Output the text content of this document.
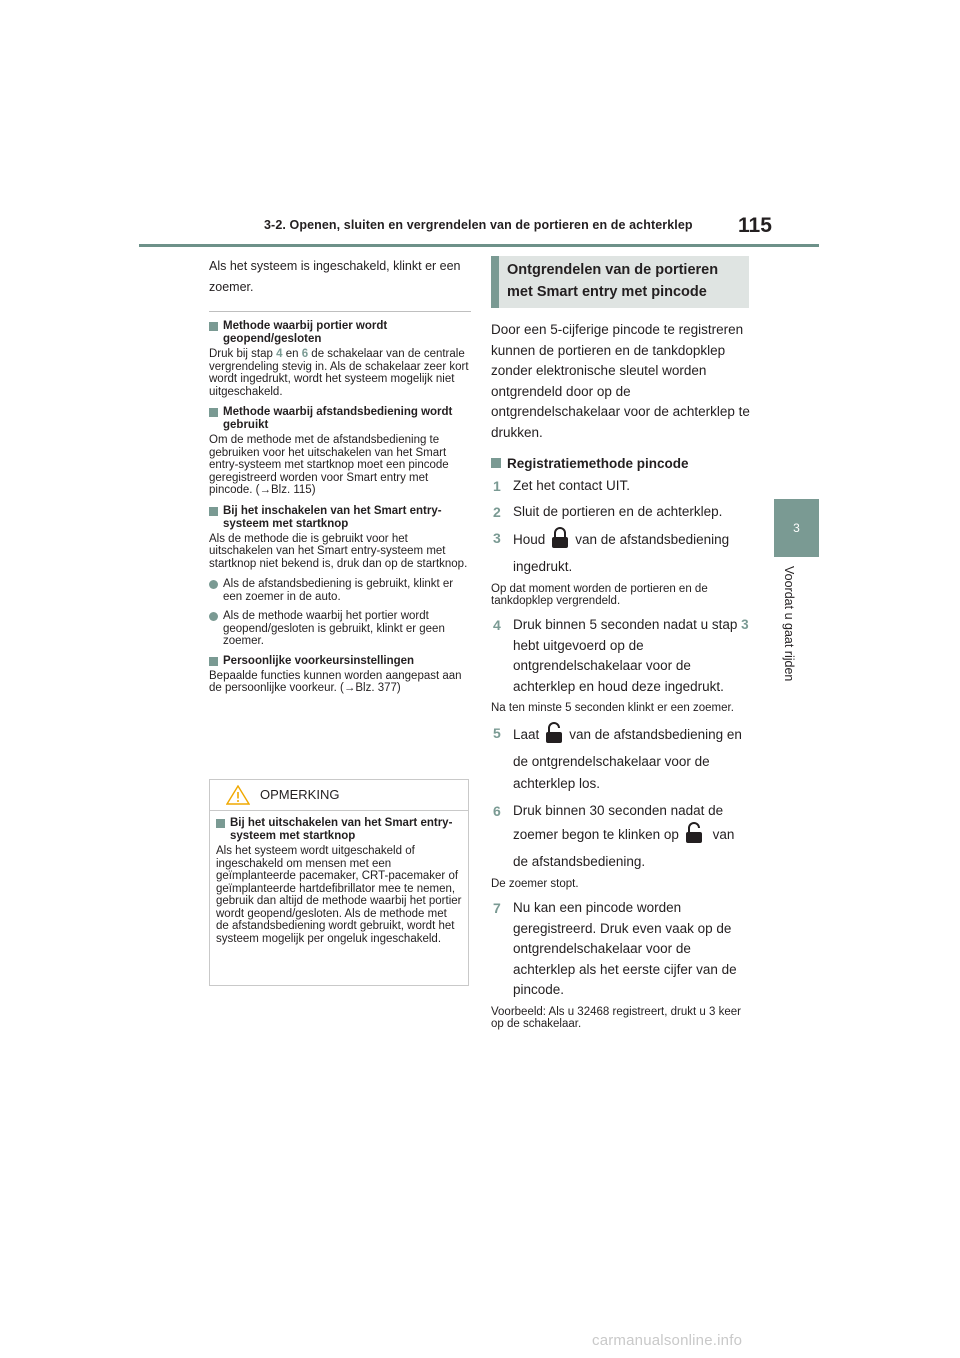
3-2. Openen, sluiten en vergrendelen van de portieren en de achterklep 115
3
Voordat u gaat rijden

Als het systeem is ingeschakeld, klinkt er een zoemer.

Methode waarbij portier wordt geopend/gesloten

Druk bij stap 4 en 6 de schakelaar van de centrale vergrendeling stevig in. Als de schakelaar zeer kort wordt ingedrukt, wordt het systeem mogelijk niet uitgeschakeld.

Methode waarbij afstandsbediening wordt gebruikt

Om de methode met de afstandsbediening te gebruiken voor het uitschakelen van het Smart entry-systeem met startknop moet een pincode geregistreerd worden voor Smart entry met pincode. (→Blz. 115)

Bij het inschakelen van het Smart entry-systeem met startknop

Als de methode die is gebruikt voor het uitschakelen van het Smart entry-systeem met startknop niet bekend is, druk dan op de startknop.

Als de afstandsbediening is gebruikt, klinkt er een zoemer in de auto.

Als de methode waarbij het portier wordt geopend/gesloten is gebruikt, klinkt er geen zoemer.

Persoonlijke voorkeursinstellingen

Bepaalde functies kunnen worden aangepast aan de persoonlijke voorkeur. (→Blz. 377)

OPMERKING

Bij het uitschakelen van het Smart entry-systeem met startknop

Als het systeem wordt uitgeschakeld of ingeschakeld om mensen met een geïmplanteerde pacemaker, CRT-pacemaker of geïmplanteerde hartdefibrillator mee te nemen, gebruik dan altijd de methode waarbij het portier wordt geopend/gesloten. Als de methode met de afstandsbediening wordt gebruikt, wordt het systeem mogelijk per ongeluk ingeschakeld.

Ontgrendelen van de portieren
met Smart entry met pincode

Door een 5-cijferige pincode te registreren kunnen de portieren en de tankdopklep zonder elektronische sleutel worden ontgrendeld door op de ontgrendelschakelaar voor de achterklep te drukken.

Registratiemethode pincode

1 Zet het contact UIT.

2 Sluit de portieren en de achterklep.

3 Houd van de afstandsbediening ingedrukt.

Op dat moment worden de portieren en de tankdopklep vergrendeld.

4 Druk binnen 5 seconden nadat u stap 3 hebt uitgevoerd op de ontgrendelschakelaar voor de achterklep en houd deze ingedrukt.

Na ten minste 5 seconden klinkt er een zoemer.

5 Laat van de afstandsbediening en de ontgrendelschakelaar voor de achterklep los.

6 Druk binnen 30 seconden nadat de zoemer begon te klinken op	van de afstandsbediening.

De zoemer stopt.

7 Nu kan een pincode worden geregistreerd. Druk even vaak op de ontgrendelschakelaar voor de achterklep als het eerste cijfer van de pincode.

Voorbeeld: Als u 32468 registreert, drukt u 3 keer op de schakelaar.

carmanualsonline.info
